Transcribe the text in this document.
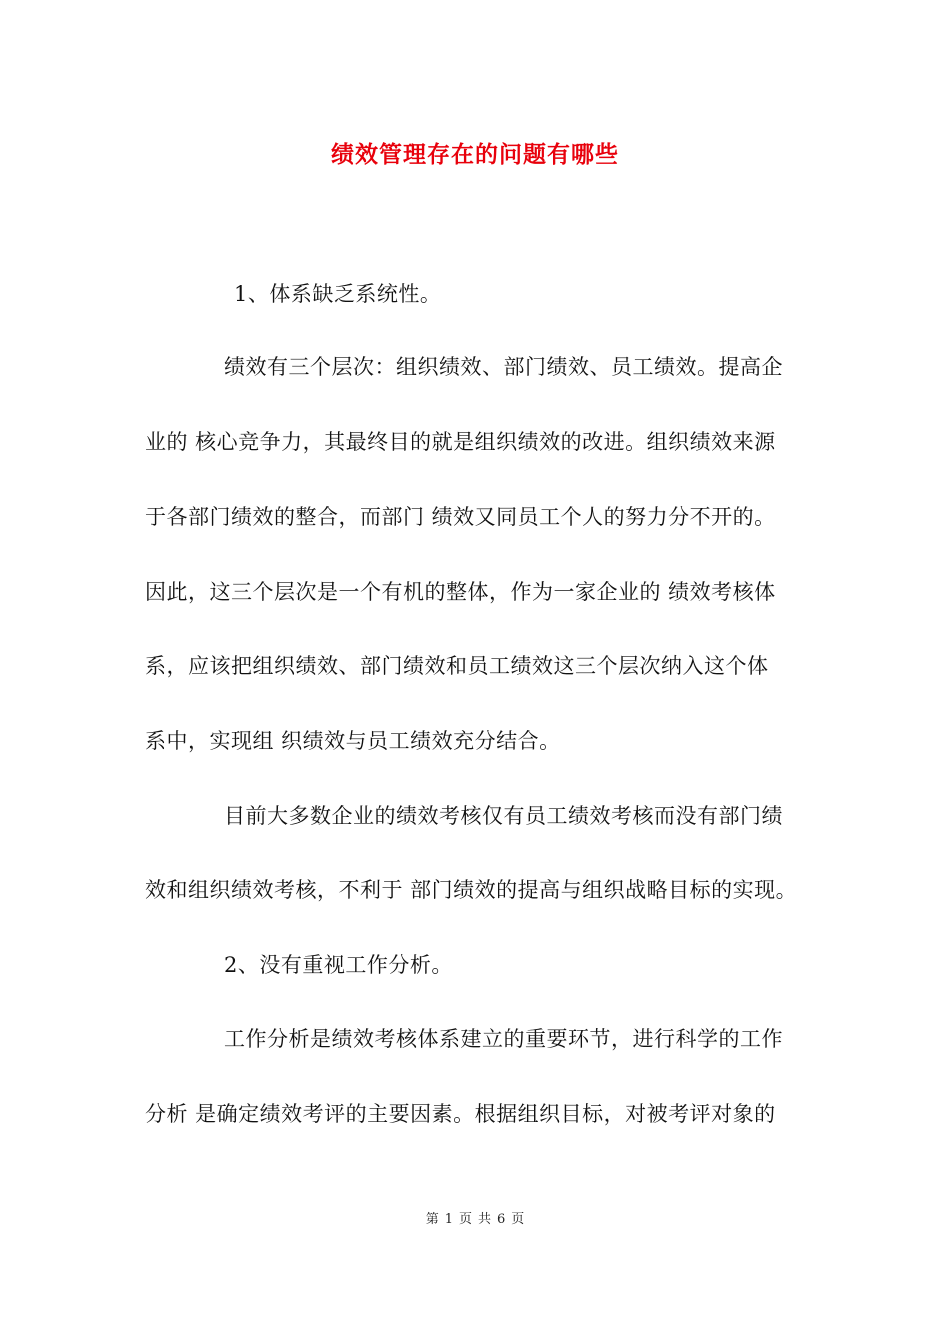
绩效管理存在的问题有哪些
1、体系缺乏系统性。
绩效有三个层次：组织绩效、部门绩效、员工绩效。提高企
业的 核心竞争力，其最终目的就是组织绩效的改进。组织绩效来源
于各部门绩效的整合，而部门 绩效又同员工个人的努力分不开的。
因此，这三个层次是一个有机的整体，作为一家企业的 绩效考核体
系，应该把组织绩效、部门绩效和员工绩效这三个层次纳入这个体
系中，实现组 织绩效与员工绩效充分结合。
目前大多数企业的绩效考核仅有员工绩效考核而没有部门绩
效和组织绩效考核，不利于 部门绩效的提高与组织战略目标的实现。
2、没有重视工作分析。
工作分析是绩效考核体系建立的重要环节，进行科学的工作
分析 是确定绩效考评的主要因素。根据组织目标，对被考评对象的
第 1 页 共 6 页
